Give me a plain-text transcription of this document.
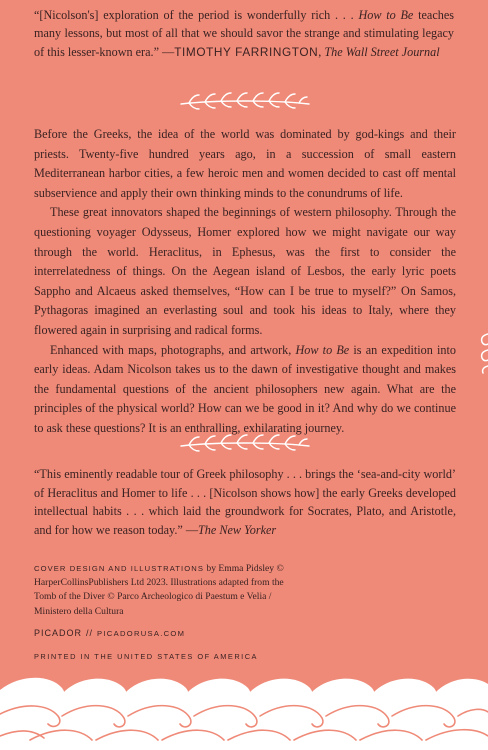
“[Nicolson's] exploration of the period is wonderfully rich . . . How to Be teaches many lessons, but most of all that we should savor the strange and stimulating legacy of this lesser-known era.” —TIMOTHY FARRINGTON, The Wall Street Journal

Before the Greeks, the idea of the world was dominated by god-kings and their priests. Twenty-five hundred years ago, in a succession of small eastern Mediterranean harbor cities, a few heroic men and women decided to cast off mental subservience and apply their own thinking minds to the conundrums of life.

These great innovators shaped the beginnings of western philosophy. Through the questioning voyager Odysseus, Homer explored how we might navigate our way through the world. Heraclitus, in Ephesus, was the first to consider the interrelatedness of things. On the Aegean island of Lesbos, the early lyric poets Sappho and Alcaeus asked themselves, “How can I be true to myself?” On Samos, Pythagoras imagined an everlasting soul and took his ideas to Italy, where they flowered again in surprising and radical forms.

Enhanced with maps, photographs, and artwork, How to Be is an expedition into early ideas. Adam Nicolson takes us to the dawn of investigative thought and makes the fundamental questions of the ancient philosophers new again. What are the principles of the physical world? How can we be good in it? And why do we continue to ask these questions? It is an enthralling, exhilarating journey.

“This eminently readable tour of Greek philosophy . . . brings the ‘sea-and-city world’ of Heraclitus and Homer to life . . . [Nicolson shows how] the early Greeks developed intellectual habits . . . which laid the groundwork for Socrates, Plato, and Aristotle, and for how we reason today.” —The New Yorker
COVER DESIGN AND ILLUSTRATIONS by Emma Pidsley © HarperCollinsPublishers Ltd 2023. Illustrations adapted from the Tomb of the Diver © Parco Archeologico di Paestum e Velia / Ministero della Cultura
PICADOR // PICADORUSA.COM
PRINTED IN THE UNITED STATES OF AMERICA
